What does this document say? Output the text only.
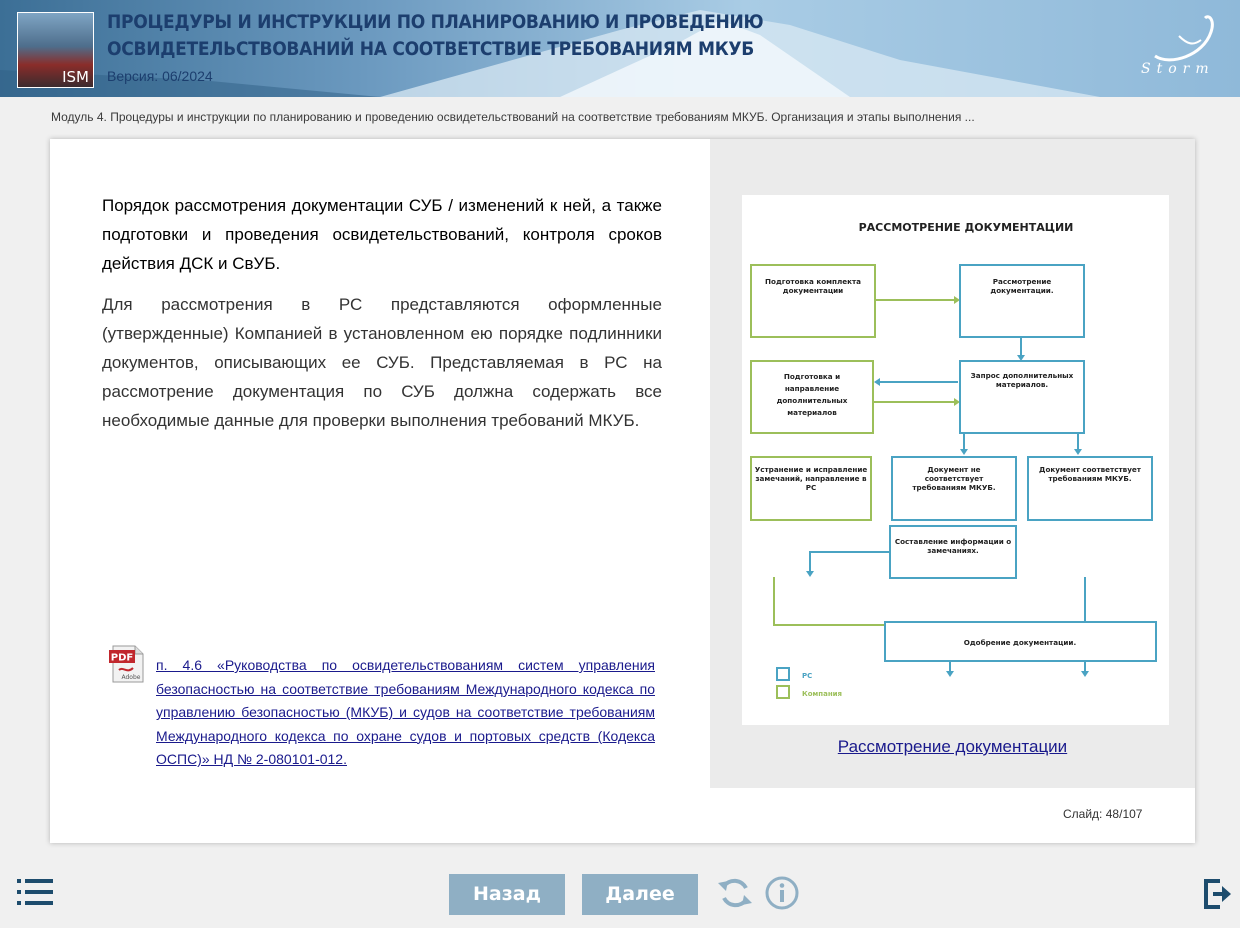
ISM
ПРОЦЕДУРЫ И ИНСТРУКЦИИ ПО ПЛАНИРОВАНИЮ И ПРОВЕДЕНИЮ ОСВИДЕТЕЛЬСТВОВАНИЙ НА СООТВЕТСТВИЕ ТРЕБОВАНИЯМ МКУБ
Версия: 06/2024	Storm
Модуль 4. Процедуры и инструкции по планированию и проведению освидетельствований на соответствие требованиям МКУБ. Организация и этапы выполнения ...
Порядок рассмотрения документации СУБ / изменений к ней, а также подготовки и проведения освидетельствований, контроля сроков действия ДСК и СвУБ.
Для рассмотрения в РС представляются оформленные (утвержденные) Компанией в установленном ею порядке подлинники документов, описывающих ее СУБ. Представляемая в РС на рассмотрение документация по СУБ должна содержать все необходимые данные для проверки выполнения требований МКУБ.
PDF
Adobe
п. 4.6 «Руководства по освидетельствованиям систем управления безопасностью на соответствие требованиям Международного кодекса по управлению безопасностью (МКУБ) и судов на соответствие требованиям Международного кодекса по охране судов и портовых средств (Кодекса ОСПС)» НД № 2-080101-012.
РАССМОТРЕНИЕ ДОКУМЕНТАЦИИ
Подготовка комплекта документации
Рассмотрение документации.
Подготовка и
направление
дополнительных
материалов
Запрос дополнительных материалов.
Устранение и исправление замечаний, направление в РС
Документ не соответствует требованиям МКУБ.
Документ соответствует требованиям МКУБ.
Составление информации о замечаниях.
Одобрение документации.
РС
Компания
Рассмотрение документации
Слайд: 48/107
Назад	Далее
